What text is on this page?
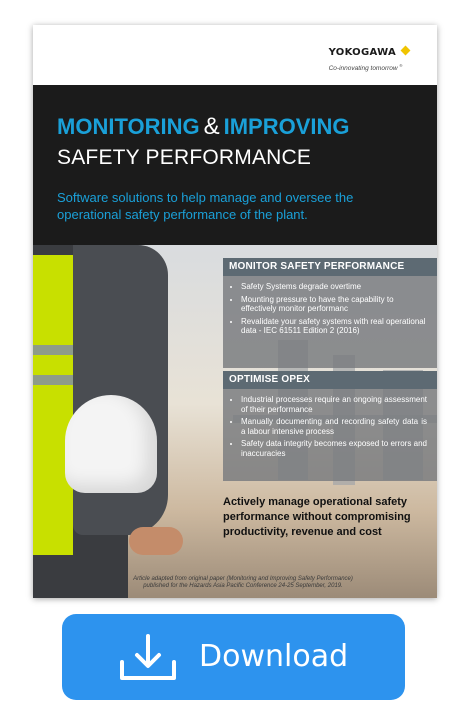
YOKOGAWA
Co-innovating tomorrow ®
MONITORING & IMPROVING
SAFETY PERFORMANCE
Software solutions to help manage and oversee the operational safety performance of the plant.
MONITOR SAFETY PERFORMANCE
• Safety Systems degrade overtime
• Mounting pressure to have the capability to effectively monitor performanc
• Revalidate your safety systems with real operational data - IEC 61511 Edition 2 (2016)
OPTIMISE OPEX
• Industrial processes require an ongoing assessment of their performance
• Manually documenting and recording safety data is a labour intensive process
• Safety data integrity becomes exposed to errors and inaccuracies
Actively manage operational safety performance without compromising productivity, revenue and cost
Article adapted from original paper (Monitoring and Improving Safety Performance)
published for the Hazards Asia Pacific Conference 24-25 September, 2019.
Download
